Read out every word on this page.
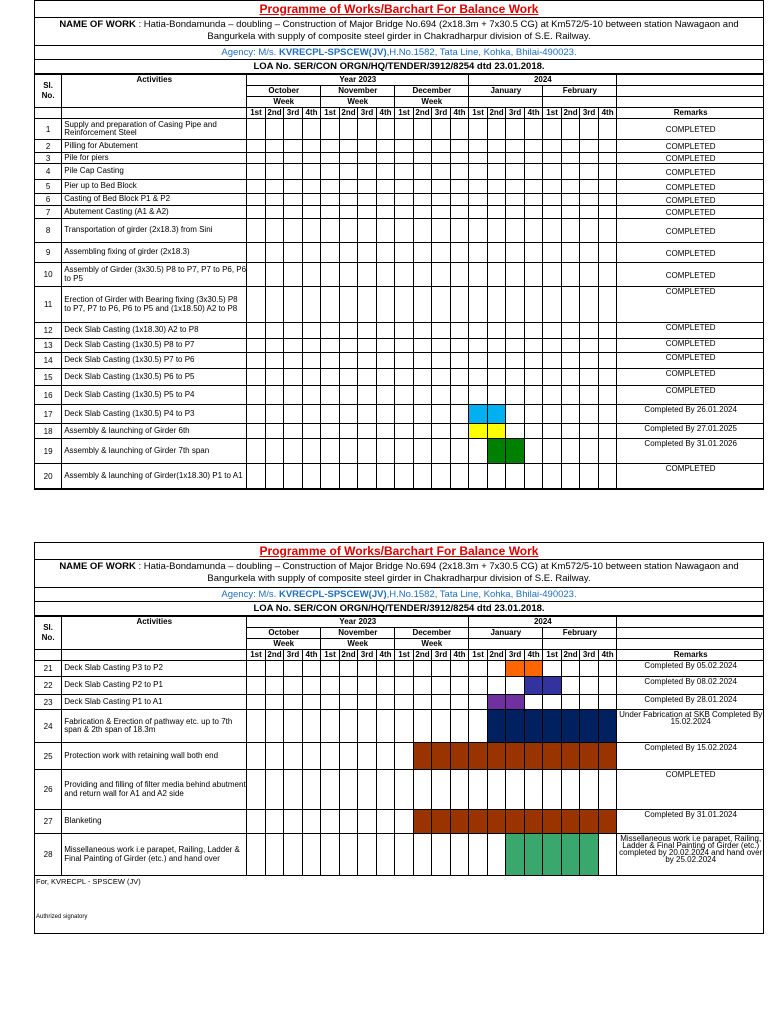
Programme of Works/Barchart For Balance Work
NAME OF WORK : Hatia-Bondamunda – doubling – Construction of Major Bridge No.694 (2x18.3m + 7x30.5 CG) at Km572/5-10 between station Nawagaon and Bangurkela with supply of composite steel girder in Chakradharpur division of S.E. Railway.
Agency: M/s. KVRECPL-SPSCEW(JV),H.No.1582, Tata Line, Kohka, Bhilai-490023.
LOA No. SER/CON ORGN/HQ/TENDER/3912/8254 dtd 23.01.2018.
Sl.
No.	Activities	Year 2023												2024								
		October				November				December				January				February				
		Week				Week				Week												
		1st	2nd	3rd	4th	1st	2nd	3rd	4th	1st	2nd	3rd	4th	1st	2nd	3rd	4th	1st	2nd	3rd	4th	Remarks
1	Supply and preparation of Casing Pipe and Reinforcement Steel																					COMPLETED
2	Pilling for Abutement																					COMPLETED
3	Pile for piers																					COMPLETED
4	Pile Cap Casting																					COMPLETED
5	Pier up to Bed Block																					COMPLETED
6	Casting of Bed Block P1 & P2																					COMPLETED
7	Abutement Casting (A1 & A2)																					COMPLETED
8	Transportation of girder (2x18.3) from Sini																					COMPLETED
9	Assembling fixing of girder (2x18.3)																					COMPLETED
10	Assembly of Girder (3x30.5) P8 to P7, P7 to P6, P6 to P5																					COMPLETED
11	Erection of Girder with Bearing fixing (3x30.5) P8 to P7, P7 to P6, P6 to P5 and (1x18.50) A2 to P8																					COMPLETED
12	Deck Slab Casting (1x18.30) A2 to P8																					COMPLETED
13	Deck Slab Casting (1x30.5) P8 to P7																					COMPLETED
14	Deck Slab Casting (1x30.5) P7 to P6																					COMPLETED
15	Deck Slab Casting (1x30.5) P6 to P5																					COMPLETED
16	Deck Slab Casting (1x30.5) P5 to P4																					COMPLETED
17	Deck Slab Casting (1x30.5) P4 to P3																					Completed By 26.01.2024
18	Assembly & launching of Girder 6th																					Completed By 27.01.2025
19	Assembly & launching of Girder 7th span																					Completed By 31.01.2026
20	Assembly & launching of Girder(1x18.30) P1 to A1																					COMPLETED
Programme of Works/Barchart For Balance Work
NAME OF WORK : Hatia-Bondamunda – doubling – Construction of Major Bridge No.694 (2x18.3m + 7x30.5 CG) at Km572/5-10 between station Nawagaon and Bangurkela with supply of composite steel girder in Chakradharpur division of S.E. Railway.
Agency: M/s. KVRECPL-SPSCEW(JV),H.No.1582, Tata Line, Kohka, Bhilai-490023.
LOA No. SER/CON ORGN/HQ/TENDER/3912/8254 dtd 23.01.2018.
Sl.
No.	Activities	Year 2023												2024								
		October				November				December				January				February				
		Week				Week				Week												
		1st	2nd	3rd	4th	1st	2nd	3rd	4th	1st	2nd	3rd	4th	1st	2nd	3rd	4th	1st	2nd	3rd	4th	Remarks
21	Deck Slab Casting P3 to P2																					Completed By 05.02.2024
22	Deck Slab Casting P2 to P1																					Completed By 08.02.2024
23	Deck Slab Casting P1 to A1																					Completed By 28.01.2024
24	Fabrication & Erection of pathway etc. up to 7th span & 2th span of 18.3m																					Under Fabrication at SKB Completed By 15.02.2024
25	Protection work with retaining wall both end																					Completed By 15.02.2024
26	Providing and filling of filter media behind abutment and return wall for A1 and A2 side																					COMPLETED
27	Blanketing																					Completed By 31.01.2024
28	Missellaneous work i.e parapet, Railing, Ladder & Final Painting of Girder (etc.) and hand over																					Missellaneous work i.e parapet, Railing, Ladder & Final Painting of Girder (etc.) completed by 20.02.2024 and hand over by 25.02.2024
For, KVRECPL - SPSCEW (JV)
Authrized signatory
